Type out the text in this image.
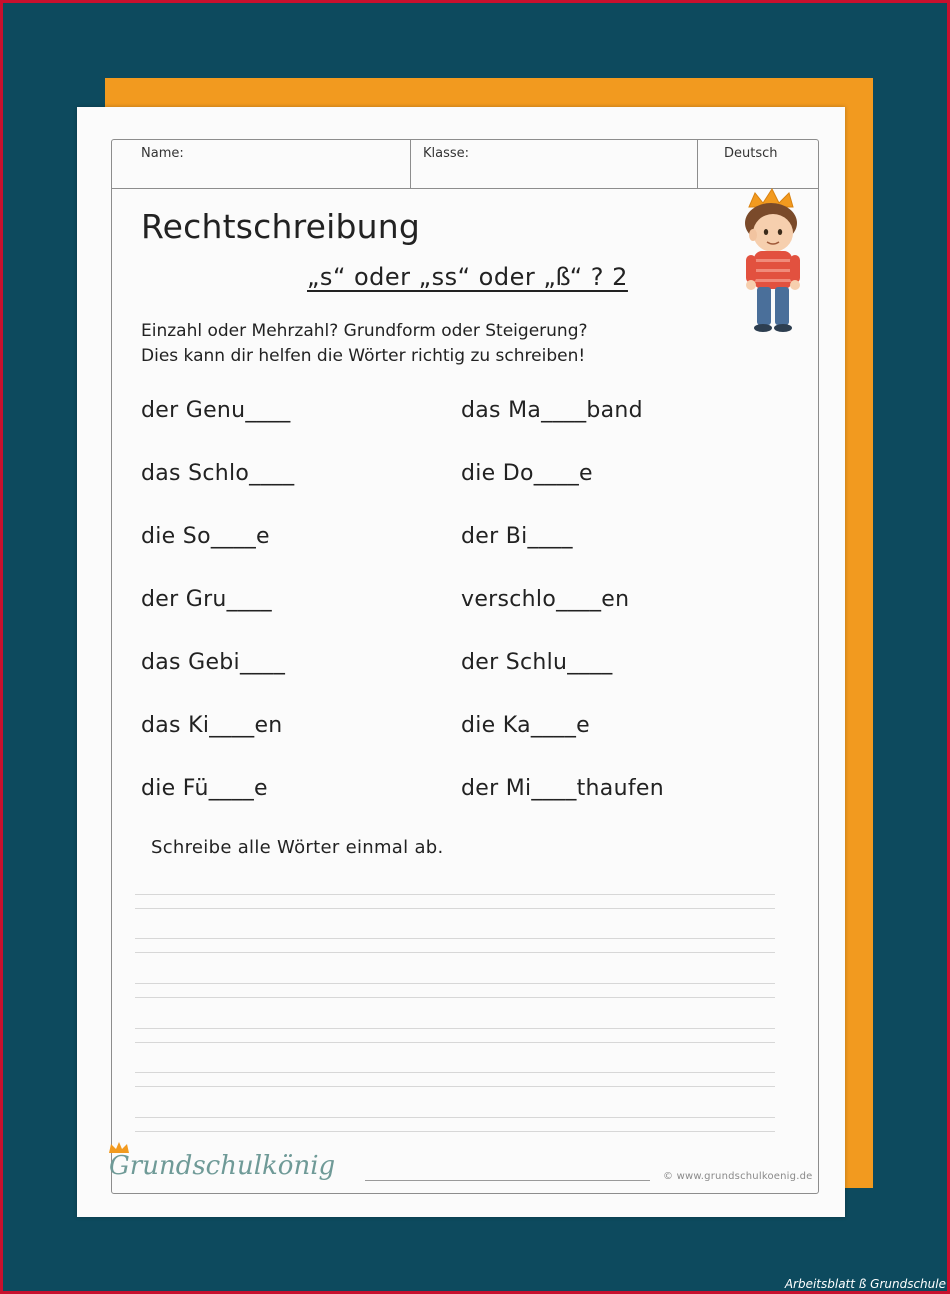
Name:	Klasse:	Deutsch
Rechtschreibung
„s“ oder „ss“ oder „ß“ ? 2
Einzahl oder Mehrzahl? Grundform oder Steigerung?
Dies kann dir helfen die Wörter richtig zu schreiben!
der Genu____	das Ma____band
das Schlo____	die Do____e
die So____e	der Bi____
der Gru____	verschlo____en
das Gebi____	der Schlu____
das Ki____en	die Ka____e
die Fü____e	der Mi____thaufen
Schreibe alle Wörter einmal ab.
Grundschulkönig	© www.grundschulkoenig.de
Arbeitsblatt ß Grundschule
